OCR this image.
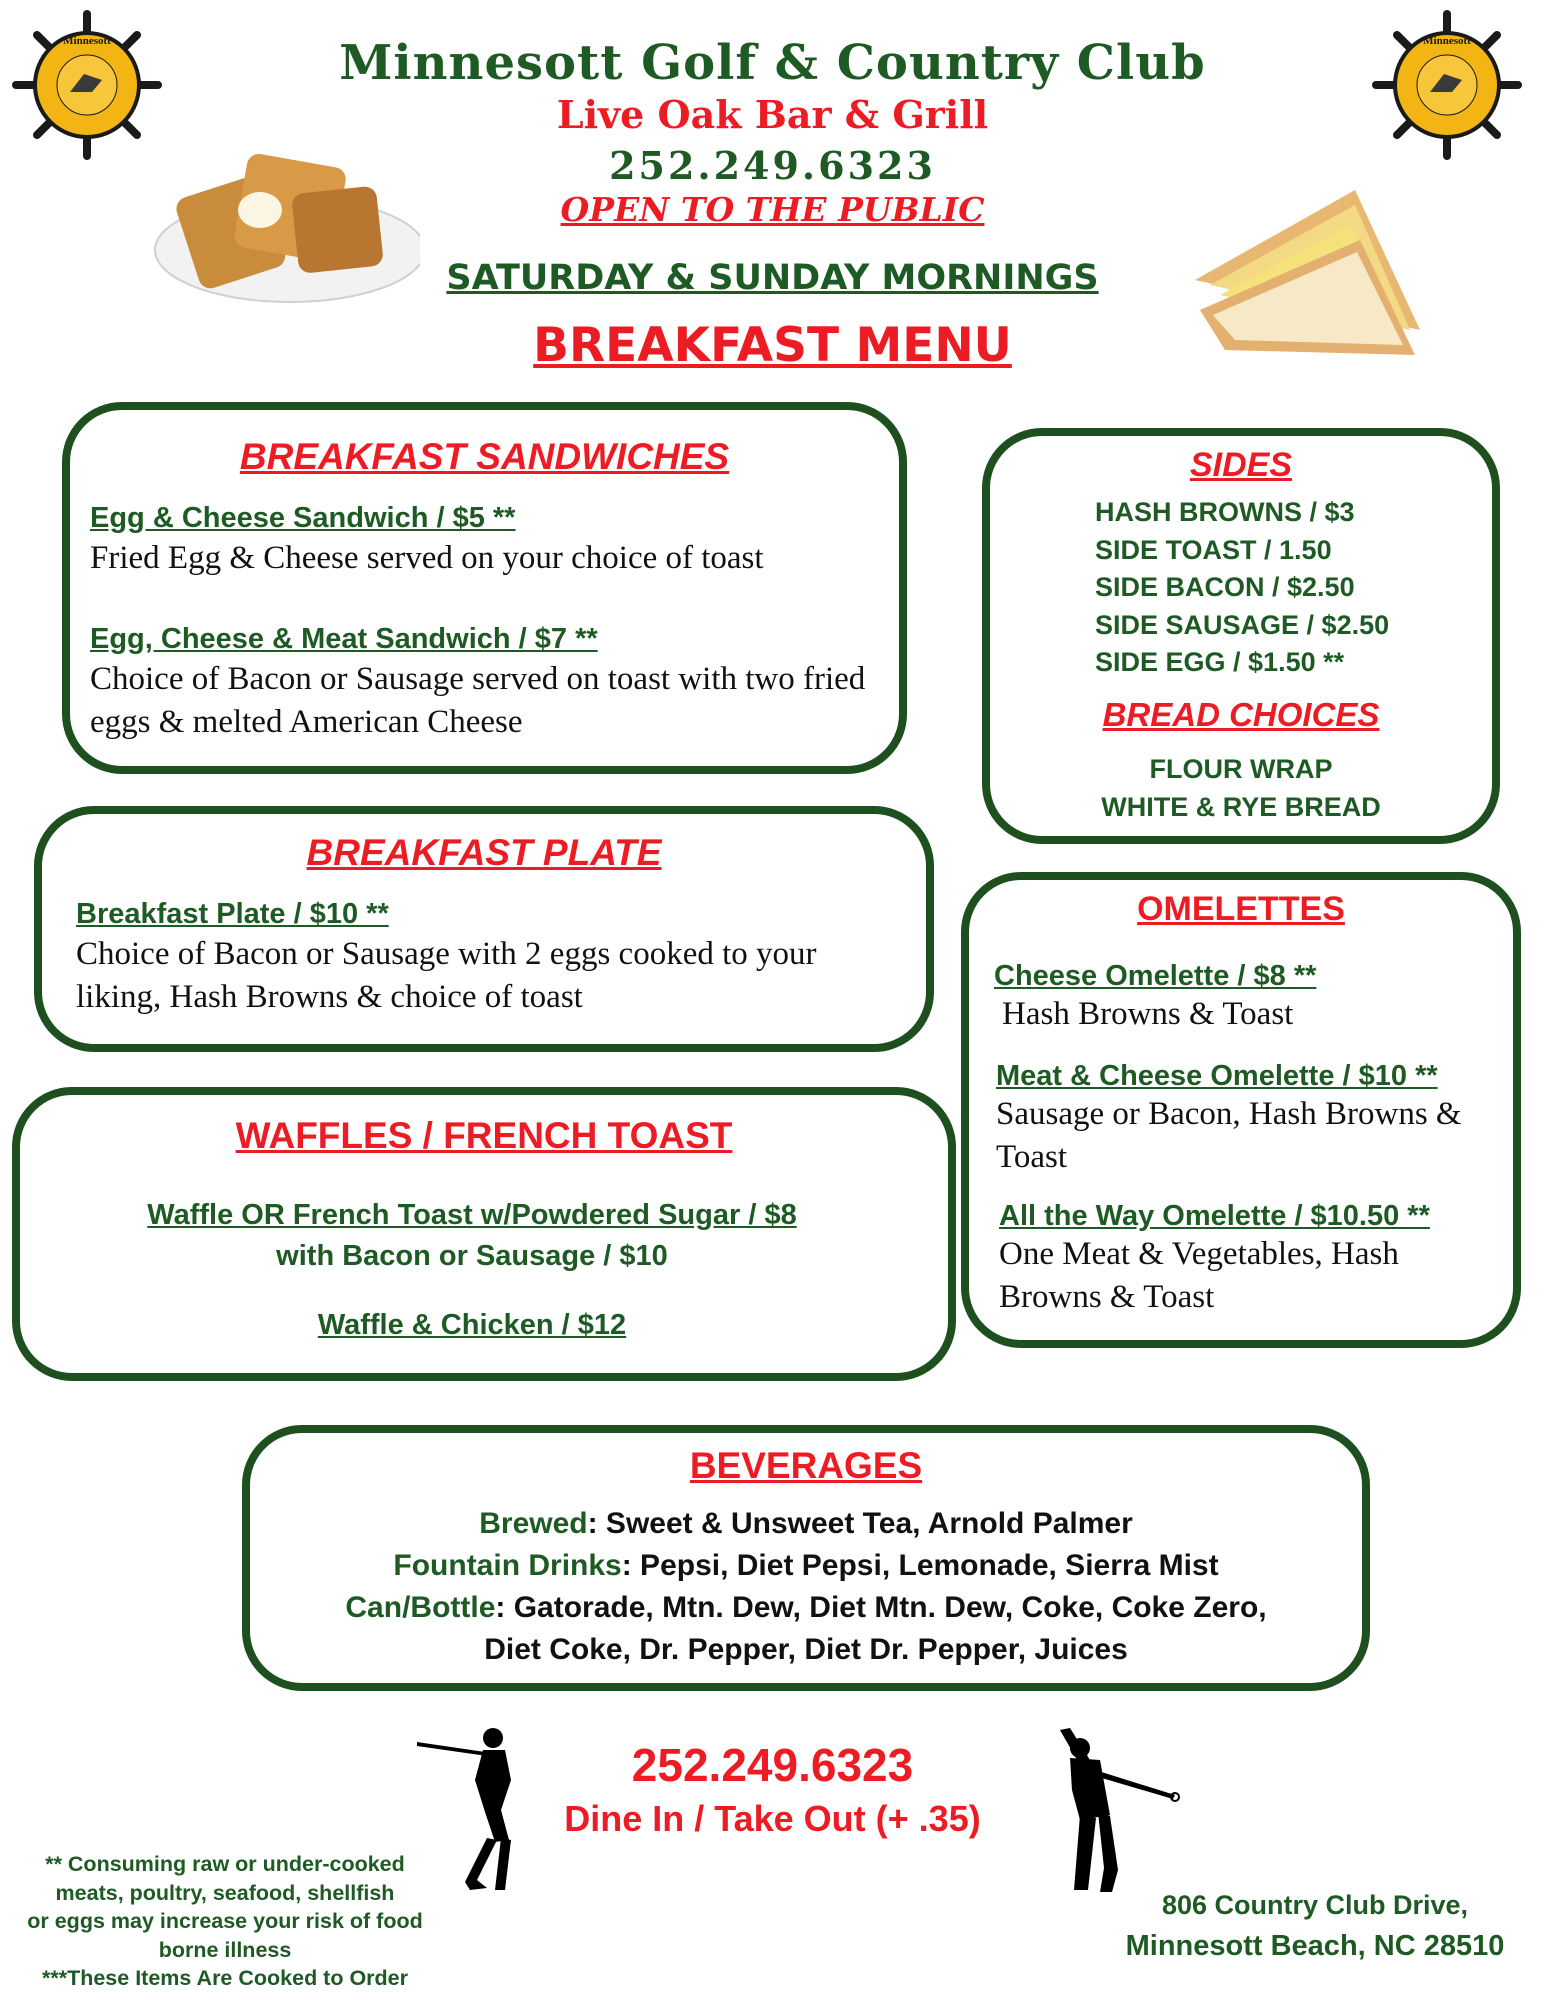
Minnesott	Minnesott
Minnesott Golf & Country Club
Live Oak Bar & Grill
252.249.6323
OPEN TO THE PUBLIC
SATURDAY & SUNDAY MORNINGS
BREAKFAST MENU
BREAKFAST SANDWICHES
Egg & Cheese Sandwich / $5 **
Fried Egg & Cheese served on your choice of toast
Egg, Cheese & Meat Sandwich / $7 **
Choice of Bacon or Sausage served on toast with two fried eggs & melted American Cheese
BREAKFAST PLATE
Breakfast Plate / $10 **
Choice of Bacon or Sausage with 2 eggs cooked to your liking, Hash Browns & choice of toast
WAFFLES / FRENCH TOAST
Waffle OR French Toast w/Powdered Sugar / $8
with Bacon or Sausage / $10
Waffle & Chicken / $12
SIDES
HASH BROWNS / $3
SIDE TOAST / 1.50
SIDE BACON / $2.50
SIDE SAUSAGE / $2.50
SIDE EGG / $1.50 **
BREAD CHOICES
FLOUR WRAP
WHITE & RYE BREAD
OMELETTES
Cheese Omelette / $8 **
Hash Browns & Toast
Meat & Cheese Omelette / $10 **
Sausage or Bacon, Hash Browns & Toast
All the Way Omelette / $10.50 **
One Meat & Vegetables, Hash Browns & Toast
BEVERAGES
Brewed: Sweet & Unsweet Tea, Arnold Palmer
Fountain Drinks: Pepsi, Diet Pepsi, Lemonade, Sierra Mist
Can/Bottle: Gatorade, Mtn. Dew, Diet Mtn. Dew, Coke, Coke Zero,
Diet Coke, Dr. Pepper, Diet Dr. Pepper, Juices
252.249.6323
Dine In / Take Out (+ .35)
** Consuming raw or under-cooked
meats, poultry, seafood, shellfish
or eggs may increase your risk of food
borne illness
***These Items Are Cooked to Order
806 Country Club Drive,
Minnesott Beach, NC 28510
